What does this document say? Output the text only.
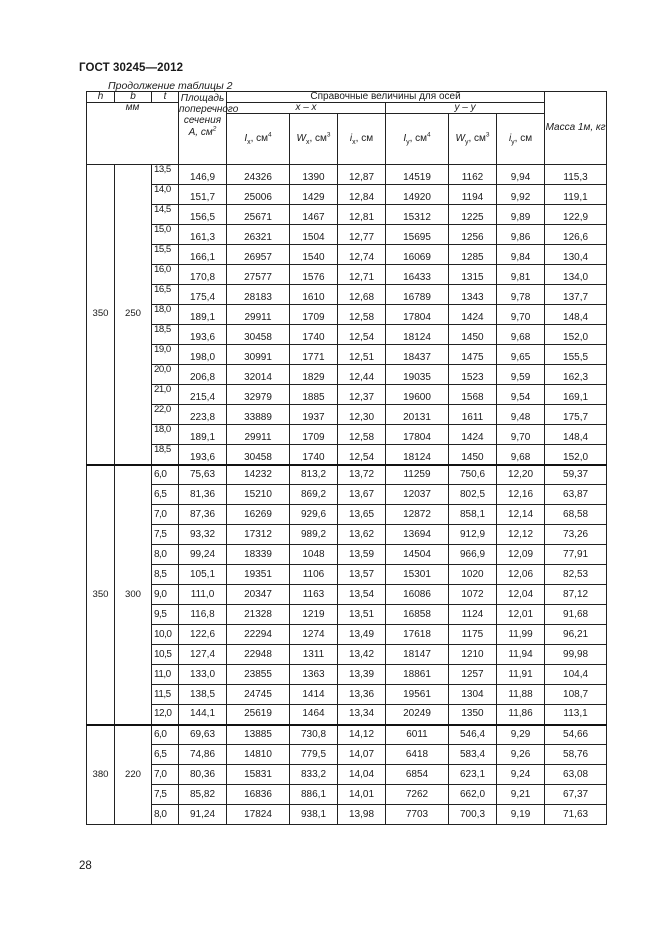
ГОСТ 30245—2012
Продолжение таблицы 2
h	b	t	Площадь поперечного сечения А, $см^2$	Справочные величины для осей						Масса 1м, кг
мм				x – x			y – y			
				$I_x$, $см^4$	$W_x$, $см^3$	$i_x$, см	$I_y$, $см^4$	$W_y$, $см^3$	$i_y$, см	
350	250	13,5	146,9	24326	1390	12,87	14519	1162	9,94	115,3
		14,0	151,7	25006	1429	12,84	14920	1194	9,92	119,1
		14,5	156,5	25671	1467	12,81	15312	1225	9,89	122,9
		15,0	161,3	26321	1504	12,77	15695	1256	9,86	126,6
		15,5	166,1	26957	1540	12,74	16069	1285	9,84	130,4
		16,0	170,8	27577	1576	12,71	16433	1315	9,81	134,0
		16,5	175,4	28183	1610	12,68	16789	1343	9,78	137,7
		18,0	189,1	29911	1709	12,58	17804	1424	9,70	148,4
		18,5	193,6	30458	1740	12,54	18124	1450	9,68	152,0
		19,0	198,0	30991	1771	12,51	18437	1475	9,65	155,5
		20,0	206,8	32014	1829	12,44	19035	1523	9,59	162,3
		21,0	215,4	32979	1885	12,37	19600	1568	9,54	169,1
		22,0	223,8	33889	1937	12,30	20131	1611	9,48	175,7
		18,0	189,1	29911	1709	12,58	17804	1424	9,70	148,4
		18,5	193,6	30458	1740	12,54	18124	1450	9,68	152,0
350	300	6,0	75,63	14232	813,2	13,72	11259	750,6	12,20	59,37
		6,5	81,36	15210	869,2	13,67	12037	802,5	12,16	63,87
		7,0	87,36	16269	929,6	13,65	12872	858,1	12,14	68,58
		7,5	93,32	17312	989,2	13,62	13694	912,9	12,12	73,26
		8,0	99,24	18339	1048	13,59	14504	966,9	12,09	77,91
		8,5	105,1	19351	1106	13,57	15301	1020	12,06	82,53
		9,0	111,0	20347	1163	13,54	16086	1072	12,04	87,12
		9,5	116,8	21328	1219	13,51	16858	1124	12,01	91,68
		10,0	122,6	22294	1274	13,49	17618	1175	11,99	96,21
		10,5	127,4	22948	1311	13,42	18147	1210	11,94	99,98
		11,0	133,0	23855	1363	13,39	18861	1257	11,91	104,4
		11,5	138,5	24745	1414	13,36	19561	1304	11,88	108,7
		12,0	144,1	25619	1464	13,34	20249	1350	11,86	113,1
380	220	6,0	69,63	13885	730,8	14,12	6011	546,4	9,29	54,66
		6,5	74,86	14810	779,5	14,07	6418	583,4	9,26	58,76
		7,0	80,36	15831	833,2	14,04	6854	623,1	9,24	63,08
		7,5	85,82	16836	886,1	14,01	7262	662,0	9,21	67,37
		8,0	91,24	17824	938,1	13,98	7703	700,3	9,19	71,63
28
